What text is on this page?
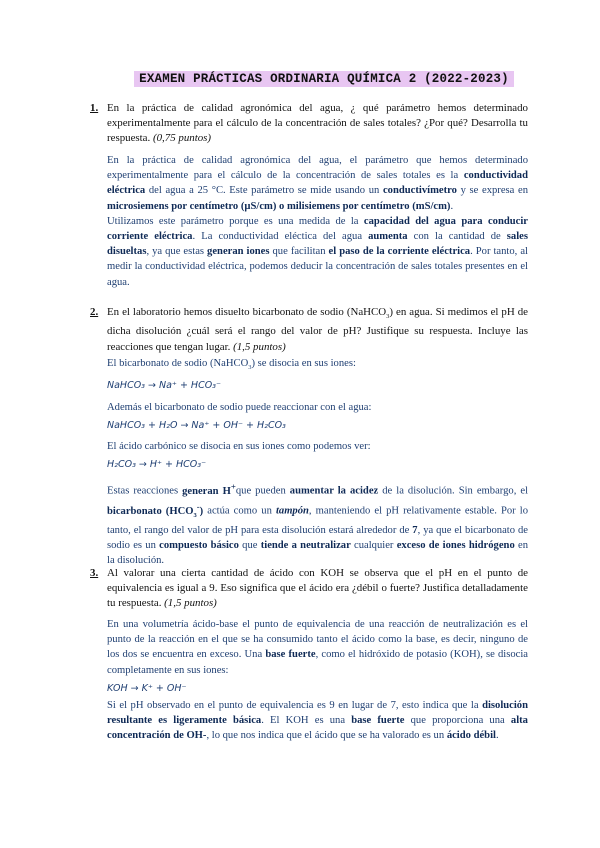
EXAMEN PRÁCTICAS ORDINARIA QUÍMICA 2 (2022-2023)
1. En la práctica de calidad agronómica del agua, ¿ qué parámetro hemos determinado experimentalmente para el cálculo de la concentración de sales totales? ¿Por qué? Desarrolla tu respuesta. (0,75 puntos)

En la práctica de calidad agronómica del agua, el parámetro que hemos determinado experimentalmente para el cálculo de la concentración de sales totales es la conductividad eléctrica del agua a 25 °C. Este parámetro se mide usando un conductivímetro y se expresa en microsiemens por centímetro (µS/cm) o milisiemens por centímetro (mS/cm).

Utilizamos este parámetro porque es una medida de la capacidad del agua para conducir corriente eléctrica. La conductividad eléctica del agua aumenta con la cantidad de sales disueltas, ya que estas generan iones que facilitan el paso de la corriente eléctrica. Por tanto, al medir la conductividad eléctrica, podemos deducir la concentración de sales totales presentes en el agua.

2. En el laboratorio hemos disuelto bicarbonato de sodio (NaHCO$_3$) en agua. Si medimos el pH de dicha disolución ¿cuál será el rango del valor de pH? Justifique su respuesta. Incluye las reacciones que tengan lugar. (1,5 puntos)

El bicarbonato de sodio (NaHCO$_3$) se disocia en sus iones:

NaHCO₃ → Na⁺ + HCO₃⁻

Además el bicarbonato de sodio puede reaccionar con el agua:

NaHCO₃ + H₂O → Na⁺ + OH⁻ + H₂CO₃

El ácido carbónico se disocia en sus iones como podemos ver:

H₂CO₃ → H⁺ + HCO₃⁻

Estas reacciones generan H+que pueden aumentar la acidez de la disolución. Sin embargo, el bicarbonato $(HCO_3^-)$ actúa como un tampón, manteniendo el pH relativamente estable. Por lo tanto, el rango del valor de pH para esta disolución estará alrededor de 7, ya que el bicarbonato de sodio es un compuesto básico que tiende a neutralizar cualquier exceso de iones hidrógeno en la disolución.

3. Al valorar una cierta cantidad de ácido con KOH se observa que el pH en el punto de equivalencia es igual a 9. Eso significa que el ácido era ¿débil o fuerte? Justifica detalladamente tu respuesta. (1,5 puntos)

En una volumetría ácido-base el punto de equivalencia de una reacción de neutralización es el punto de la reacción en el que se ha consumido tanto el ácido como la base, es decir, ninguno de los dos se encuentra en exceso. Una base fuerte, como el hidróxido de potasio (KOH), se disocia completamente en sus iones:

KOH → K⁺ + OH⁻

Si el pH observado en el punto de equivalencia es 9 en lugar de 7, esto indica que la disolución resultante es ligeramente básica. El KOH es una base fuerte que proporciona una alta concentración de OH-, lo que nos indica que el ácido que se ha valorado es un ácido débil.
